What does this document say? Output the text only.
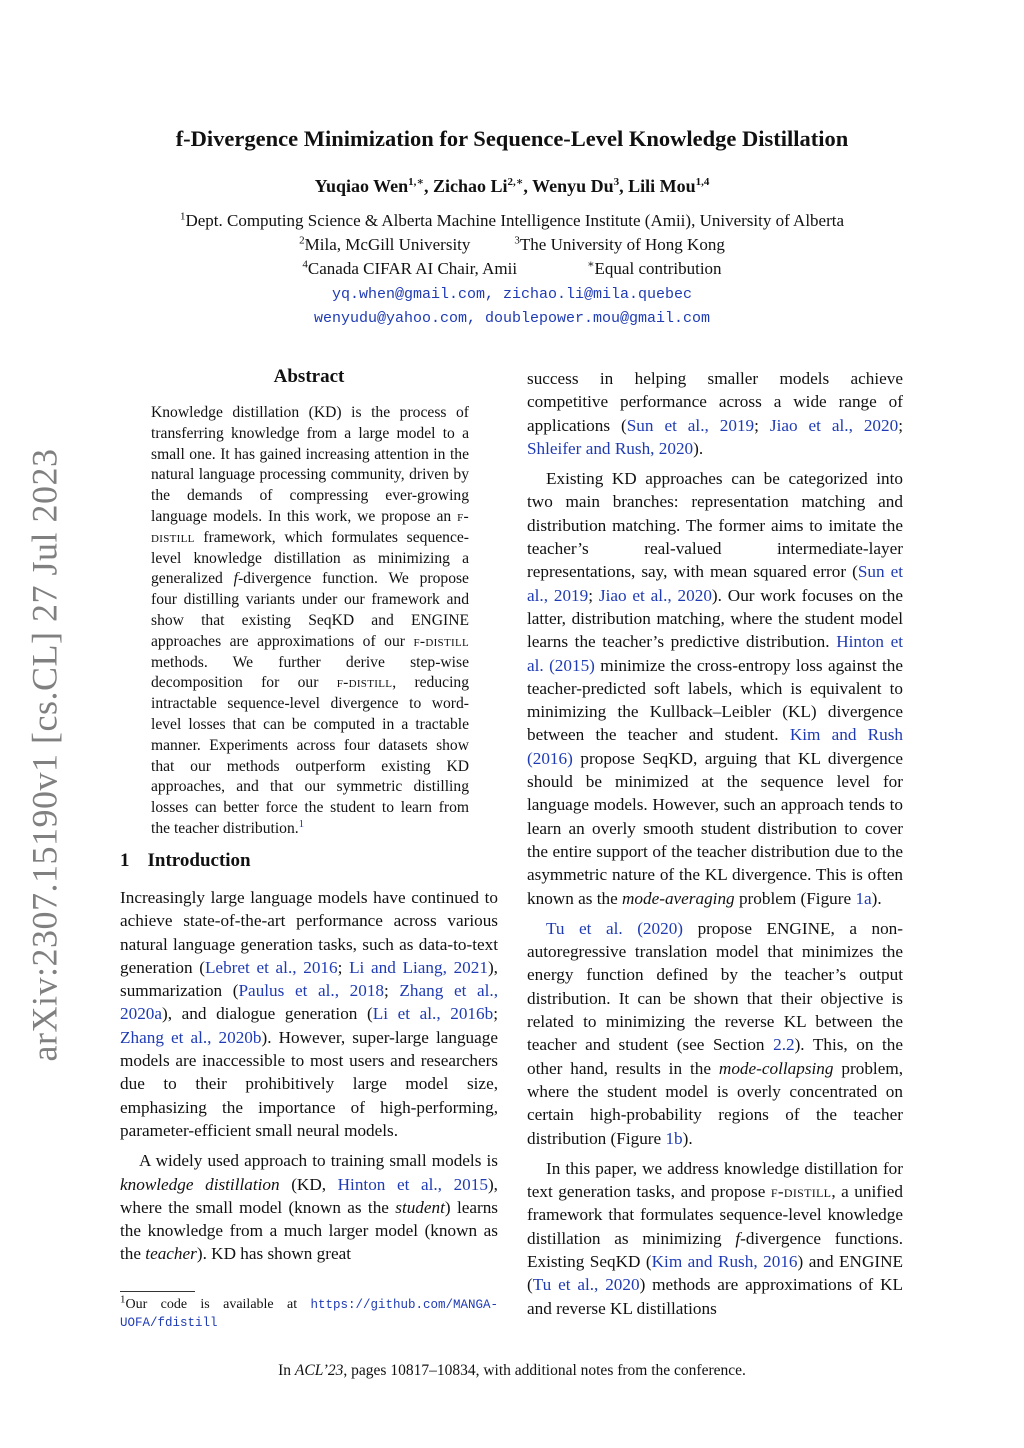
arXiv:2307.15190v1 [cs.CL] 27 Jul 2023
f-Divergence Minimization for Sequence-Level Knowledge Distillation
Yuqiao Wen$^{1,∗}$, Zichao $Li^{2,∗}$, Wenyu Du$^3$, Lili Mou$^{1,4}$
$^1$Dept. Computing Science & Alberta Machine Intelligence Institute (Amii), University of Alberta
$^2$Mila, McGill University	$^3$The University of Hong Kong
$^4$Canada CIFAR AI Chair, Amii	∗Equal contribution
yq.when@gmail.com, zichao.li@mila.quebec
wenyudu@yahoo.com, doublepower.mou@gmail.com
Abstract
Knowledge distillation (KD) is the process of transferring knowledge from a large model to a small one. It has gained increasing attention in the natural language processing community, driven by the demands of compressing ever-growing language models. In this work, we propose an f-distill framework, which formulates sequence-level knowledge distillation as minimizing a generalized f-divergence function. We propose four distilling variants under our framework and show that existing SeqKD and ENGINE approaches are approximations of our f-distill methods. We further derive step-wise decomposition for our f-distill, reducing intractable sequence-level divergence to word-level losses that can be computed in a tractable manner. Experiments across four datasets show that our methods outperform existing KD approaches, and that our symmetric distilling losses can better force the student to learn from the teacher distribution.$^1$
1 Introduction

Increasingly large language models have continued to achieve state-of-the-art performance across various natural language generation tasks, such as data-to-text generation (Lebret et al., 2016; Li and Liang, 2021), summarization (Paulus et al., 2018; Zhang et al., 2020a), and dialogue generation (Li et al., 2016b; Zhang et al., 2020b). However, super-large language models are inaccessible to most users and researchers due to their prohibitively large model size, emphasizing the importance of high-performing, parameter-efficient small neural models.

A widely used approach to training small models is knowledge distillation (KD, Hinton et al., 2015), where the small model (known as the student) learns the knowledge from a much larger model (known as the teacher). KD has shown great

$^1$Our code is available at https://github.com/MANGA-UOFA/fdistill

success in helping smaller models achieve competitive performance across a wide range of applications (Sun et al., 2019; Jiao et al., 2020; Shleifer and Rush, 2020).

Existing KD approaches can be categorized into two main branches: representation matching and distribution matching. The former aims to imitate the teacher’s real-valued intermediate-layer representations, say, with mean squared error (Sun et al., 2019; Jiao et al., 2020). Our work focuses on the latter, distribution matching, where the student model learns the teacher’s predictive distribution. Hinton et al. (2015) minimize the cross-entropy loss against the teacher-predicted soft labels, which is equivalent to minimizing the Kullback–Leibler (KL) divergence between the teacher and student. Kim and Rush (2016) propose SeqKD, arguing that KL divergence should be minimized at the sequence level for language models. However, such an approach tends to learn an overly smooth student distribution to cover the entire support of the teacher distribution due to the asymmetric nature of the KL divergence. This is often known as the mode-averaging problem (Figure 1a).

Tu et al. (2020) propose ENGINE, a non-autoregressive translation model that minimizes the energy function defined by the teacher’s output distribution. It can be shown that their objective is related to minimizing the reverse KL between the teacher and student (see Section 2.2). This, on the other hand, results in the mode-collapsing problem, where the student model is overly concentrated on certain high-probability regions of the teacher distribution (Figure 1b).

In this paper, we address knowledge distillation for text generation tasks, and propose f-distill, a unified framework that formulates sequence-level knowledge distillation as minimizing f-divergence functions. Existing SeqKD (Kim and Rush, 2016) and ENGINE (Tu et al., 2020) methods are approximations of KL and reverse KL distillations

In ACL’23, pages 10817–10834, with additional notes from the conference.
